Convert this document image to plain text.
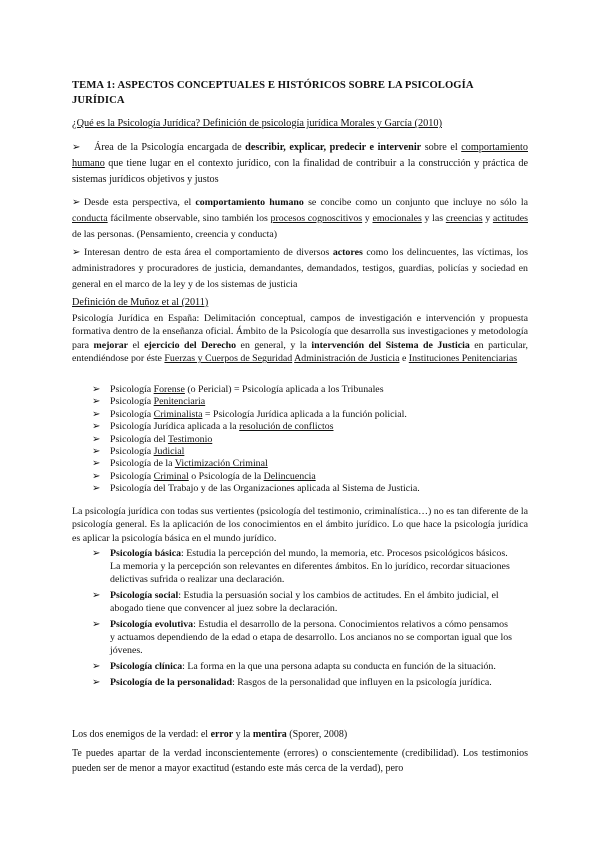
TEMA 1: ASPECTOS CONCEPTUALES E HISTÓRICOS SOBRE LA PSICOLOGÍA JURÍDICA
¿Qué es la Psicología Jurídica? Definición de psicología jurídica Morales y García (2010)
➢ Área de la Psicología encargada de describir, explicar, predecir e intervenir sobre el comportamiento humano que tiene lugar en el contexto jurídico, con la finalidad de contribuir a la construcción y práctica de sistemas jurídicos objetivos y justos
➢ Desde esta perspectiva, el comportamiento humano se concibe como un conjunto que incluye no sólo la conducta fácilmente observable, sino también los procesos cognoscitivos y emocionales y las creencias y actitudes de las personas. (Pensamiento, creencia y conducta)
➢ Interesan dentro de esta área el comportamiento de diversos actores como los delincuentes, las víctimas, los administradores y procuradores de justicia, demandantes, demandados, testigos, guardias, policías y sociedad en general en el marco de la ley y de los sistemas de justicia
Definición de Muñoz et al (2011)
Psicología Jurídica en España: Delimitación conceptual, campos de investigación e intervención y propuesta formativa dentro de la enseñanza oficial. Ámbito de la Psicología que desarrolla sus investigaciones y metodología para mejorar el ejercicio del Derecho en general, y la intervención del Sistema de Justicia en particular, entendiéndose por éste Fuerzas y Cuerpos de Seguridad Administración de Justicia e Instituciones Penitenciarias
➢ Psicología Forense (o Pericial) = Psicología aplicada a los Tribunales
➢ Psicología Penitenciaria
➢ Psicología Criminalista = Psicología Jurídica aplicada a la función policial.
➢ Psicología Jurídica aplicada a la resolución de conflictos
➢ Psicología del Testimonio
➢ Psicología Judicial
➢ Psicología de la Victimización Criminal
➢ Psicología Criminal o Psicología de la Delincuencia
➢ Psicología del Trabajo y de las Organizaciones aplicada al Sistema de Justicia.
La psicología jurídica con todas sus vertientes (psicología del testimonio, criminalística…) no es tan diferente de la psicología general. Es la aplicación de los conocimientos en el ámbito jurídico. Lo que hace la psicología jurídica es aplicar la psicología básica en el mundo jurídico.
➢ Psicología básica: Estudia la percepción del mundo, la memoria, etc. Procesos psicológicos básicos. La memoria y la percepción son relevantes en diferentes ámbitos. En lo jurídico, recordar situaciones delictivas sufrida o realizar una declaración.
➢ Psicología social: Estudia la persuasión social y los cambios de actitudes. En el ámbito judicial, el abogado tiene que convencer al juez sobre la declaración.
➢ Psicología evolutiva: Estudia el desarrollo de la persona. Conocimientos relativos a cómo pensamos y actuamos dependiendo de la edad o etapa de desarrollo. Los ancianos no se comportan igual que los jóvenes.
➢ Psicología clínica: La forma en la que una persona adapta su conducta en función de la situación.
➢ Psicología de la personalidad: Rasgos de la personalidad que influyen en la psicología jurídica.
Los dos enemigos de la verdad: el error y la mentira (Sporer, 2008)
Te puedes apartar de la verdad inconscientemente (errores) o conscientemente (credibilidad). Los testimonios pueden ser de menor a mayor exactitud (estando este más cerca de la verdad), pero
